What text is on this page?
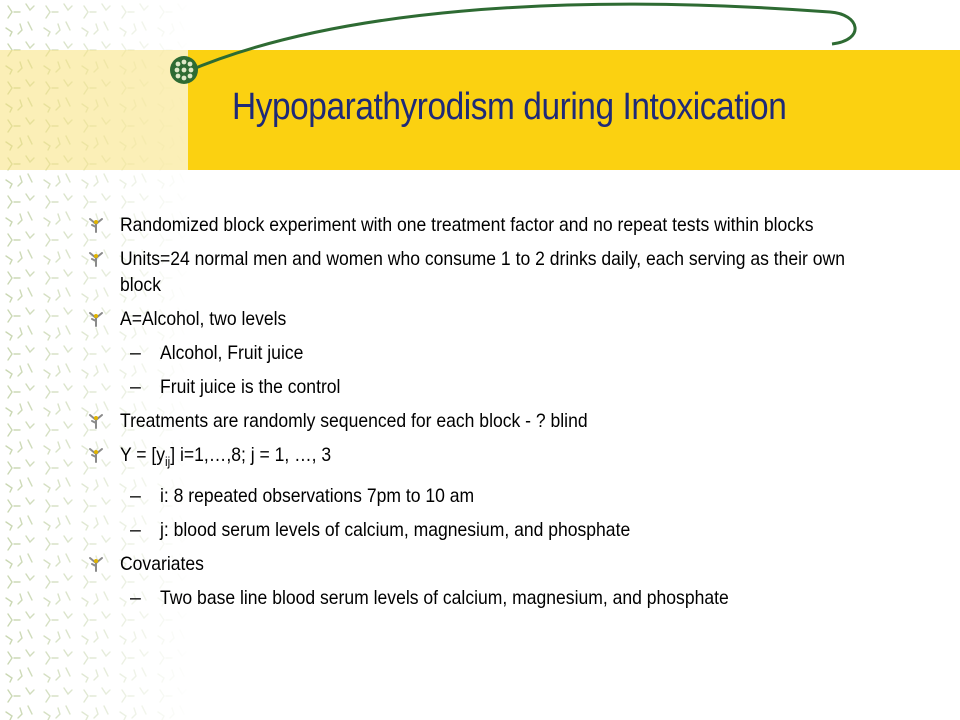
Hypoparathyrodism during Intoxication
Randomized block experiment with one treatment factor and no repeat tests within blocks
Units=24 normal men and women who consume 1 to 2 drinks daily, each serving as their own block
A=Alcohol, two levels
– Alcohol, Fruit juice
– Fruit juice is the control
Treatments are randomly sequenced for each block - ? blind
$Y = [y_{ij}]$ i=1,…,8; j = 1, …, 3
– i: 8 repeated observations 7pm to 10 am
– j: blood serum levels of calcium, magnesium, and phosphate
Covariates
– Two base line blood serum levels of calcium, magnesium, and phosphate
